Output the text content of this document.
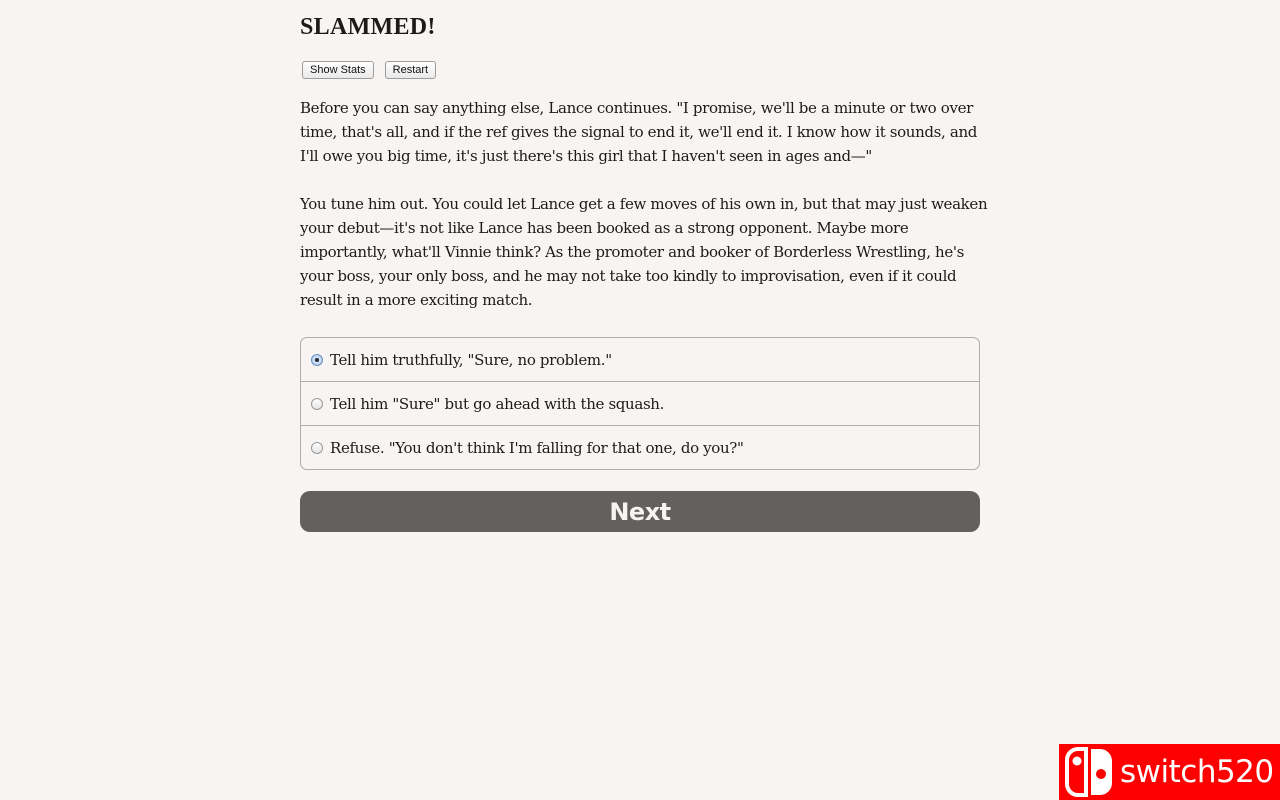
SLAMMED!
Show Stats	Restart

Before you can say anything else, Lance continues. "I promise, we'll be a minute or two over time, that's all, and if the ref gives the signal to end it, we'll end it. I know how it sounds, and I'll owe you big time, it's just there's this girl that I haven't seen in ages and—"

You tune him out. You could let Lance get a few moves of his own in, but that may just weaken your debut—it's not like Lance has been booked as a strong opponent. Maybe more importantly, what'll Vinnie think? As the promoter and booker of Borderless Wrestling, he's your boss, your only boss, and he may not take too kindly to improvisation, even if it could result in a more exciting match.

Tell him truthfully, "Sure, no problem."
Tell him "Sure" but go ahead with the squash.
Refuse. "You don't think I'm falling for that one, do you?"
Next
switch520
